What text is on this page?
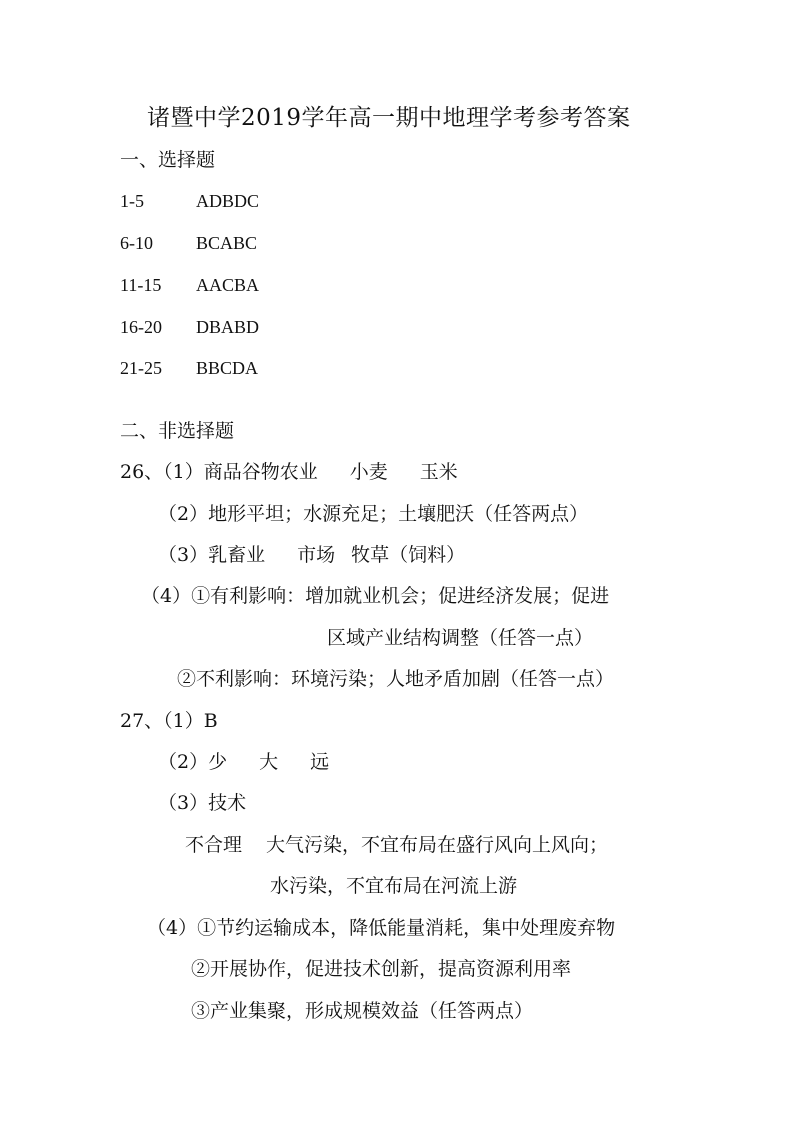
诸暨中学2019学年高一期中地理学考参考答案
一、选择题
1-5	ADBDC
6-10 BCABC
11-15 AACBA
16-20 DBABD
21-25 BBCDA
二、非选择题
26、（1）商品谷物农业 小麦 玉米
（2）地形平坦；水源充足；土壤肥沃（任答两点）
（3）乳畜业 市场 牧草（饲料）
（4）①有利影响：增加就业机会；促进经济发展；促进
区域产业结构调整（任答一点）
②不利影响：环境污染；人地矛盾加剧（任答一点）
27、（1）B
（2）少 大 远
（3）技术
不合理 大气污染，不宜布局在盛行风向上风向；
水污染，不宜布局在河流上游
（4）①节约运输成本，降低能量消耗，集中处理废弃物
②开展协作，促进技术创新，提高资源利用率
③产业集聚，形成规模效益（任答两点）
